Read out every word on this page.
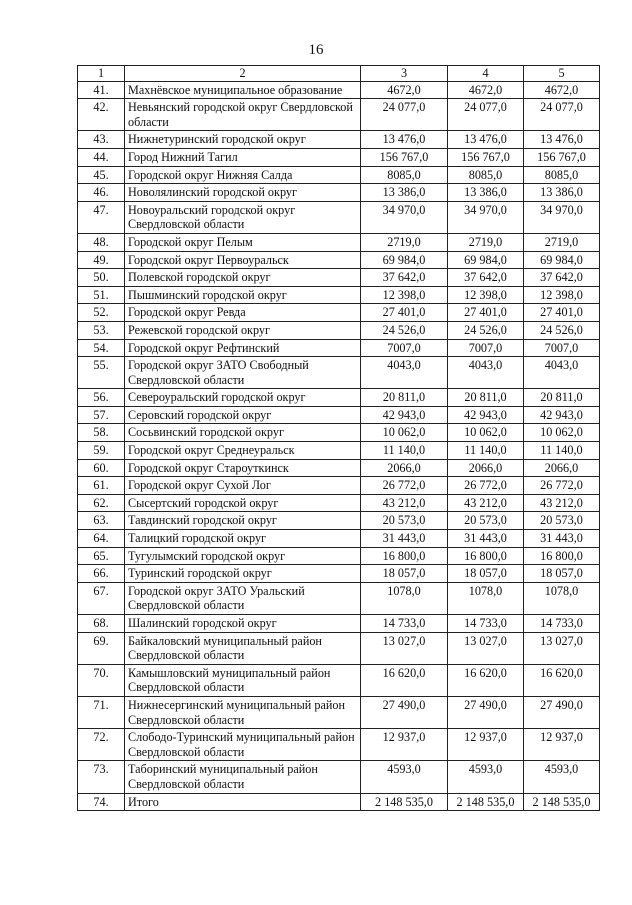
16
1	2	3	4	5
41.	Махнёвское муниципальное образование	4672,0	4672,0	4672,0
42.	Невьянский городской округ Свердловской области	24 077,0	24 077,0	24 077,0
43.	Нижнетуринский городской округ	13 476,0	13 476,0	13 476,0
44.	Город Нижний Тагил	156 767,0	156 767,0	156 767,0
45.	Городской округ Нижняя Салда	8085,0	8085,0	8085,0
46.	Новолялинский городской округ	13 386,0	13 386,0	13 386,0
47.	Новоуральский городской округ Свердловской области	34 970,0	34 970,0	34 970,0
48.	Городской округ Пелым	2719,0	2719,0	2719,0
49.	Городской округ Первоуральск	69 984,0	69 984,0	69 984,0
50.	Полевской городской округ	37 642,0	37 642,0	37 642,0
51.	Пышминский городской округ	12 398,0	12 398,0	12 398,0
52.	Городской округ Ревда	27 401,0	27 401,0	27 401,0
53.	Режевской городской округ	24 526,0	24 526,0	24 526,0
54.	Городской округ Рефтинский	7007,0	7007,0	7007,0
55.	Городской округ ЗАТО Свободный Свердловской области	4043,0	4043,0	4043,0
56.	Североуральский городской округ	20 811,0	20 811,0	20 811,0
57.	Серовский городской округ	42 943,0	42 943,0	42 943,0
58.	Сосьвинский городской округ	10 062,0	10 062,0	10 062,0
59.	Городской округ Среднеуральск	11 140,0	11 140,0	11 140,0
60.	Городской округ Староуткинск	2066,0	2066,0	2066,0
61.	Городской округ Сухой Лог	26 772,0	26 772,0	26 772,0
62.	Сысертский городской округ	43 212,0	43 212,0	43 212,0
63.	Тавдинский городской округ	20 573,0	20 573,0	20 573,0
64.	Талицкий городской округ	31 443,0	31 443,0	31 443,0
65.	Тугулымский городской округ	16 800,0	16 800,0	16 800,0
66.	Туринский городской округ	18 057,0	18 057,0	18 057,0
67.	Городской округ ЗАТО Уральский Свердловской области	1078,0	1078,0	1078,0
68.	Шалинский городской округ	14 733,0	14 733,0	14 733,0
69.	Байкаловский муниципальный район Свердловской области	13 027,0	13 027,0	13 027,0
70.	Камышловский муниципальный район Свердловской области	16 620,0	16 620,0	16 620,0
71.	Нижнесергинский муниципальный район Свердловской области	27 490,0	27 490,0	27 490,0
72.	Слободо-Туринский муниципальный район Свердловской области	12 937,0	12 937,0	12 937,0
73.	Таборинский муниципальный район Свердловской области	4593,0	4593,0	4593,0
74.	Итого	2 148 535,0	2 148 535,0	2 148 535,0
